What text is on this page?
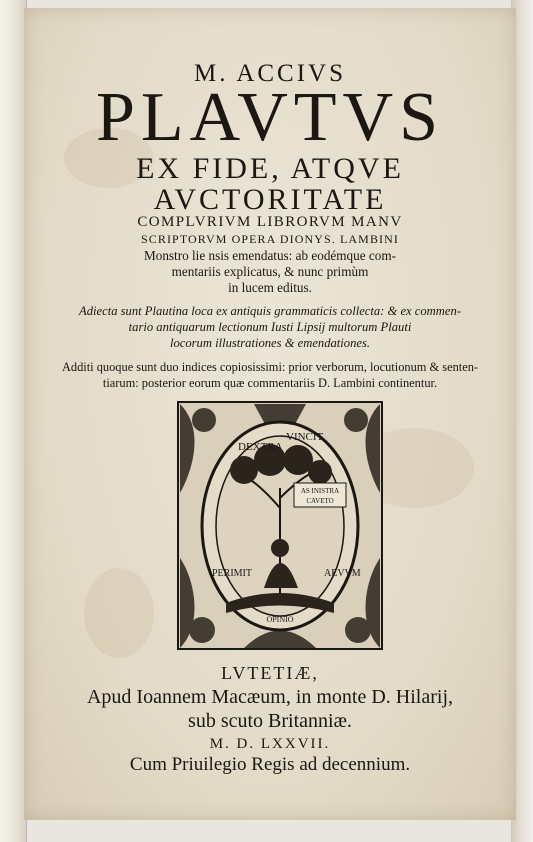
M. ACCIVS
PLAVTVS
EX FIDE, ATQVE
AVCTORITATE
COMPLVRIVM LIBRORVM MANV
SCRIPTORVM OPERA DIONYS. LAMBINI
Monstro lie nsis emendatus: ab eodémque com-
mentariis explicatus, & nunc primùm
in lucem editus.
Adiecta sunt Plautina loca ex antiquis grammaticis collecta: & ex commen-
tario antiquarum lectionum Iusti Lipsij multorum Plauti
locorum illustrationes & emendationes.
Additi quoque sunt duo indices copiosissimi: prior verborum, locutionum & senten-
tiarum: posterior eorum quæ commentariis D. Lambini continentur.
AS INISTRA
CAVETO
DEXTRA
VINCIT
PERIMIT	AEVVM
OPINIO
LVTETIÆ,
Apud Ioannem Macæum, in monte D. Hilarij,
sub scuto Britanniæ.
M. D. LXXVII.
Cum Priuilegio Regis ad decennium.
